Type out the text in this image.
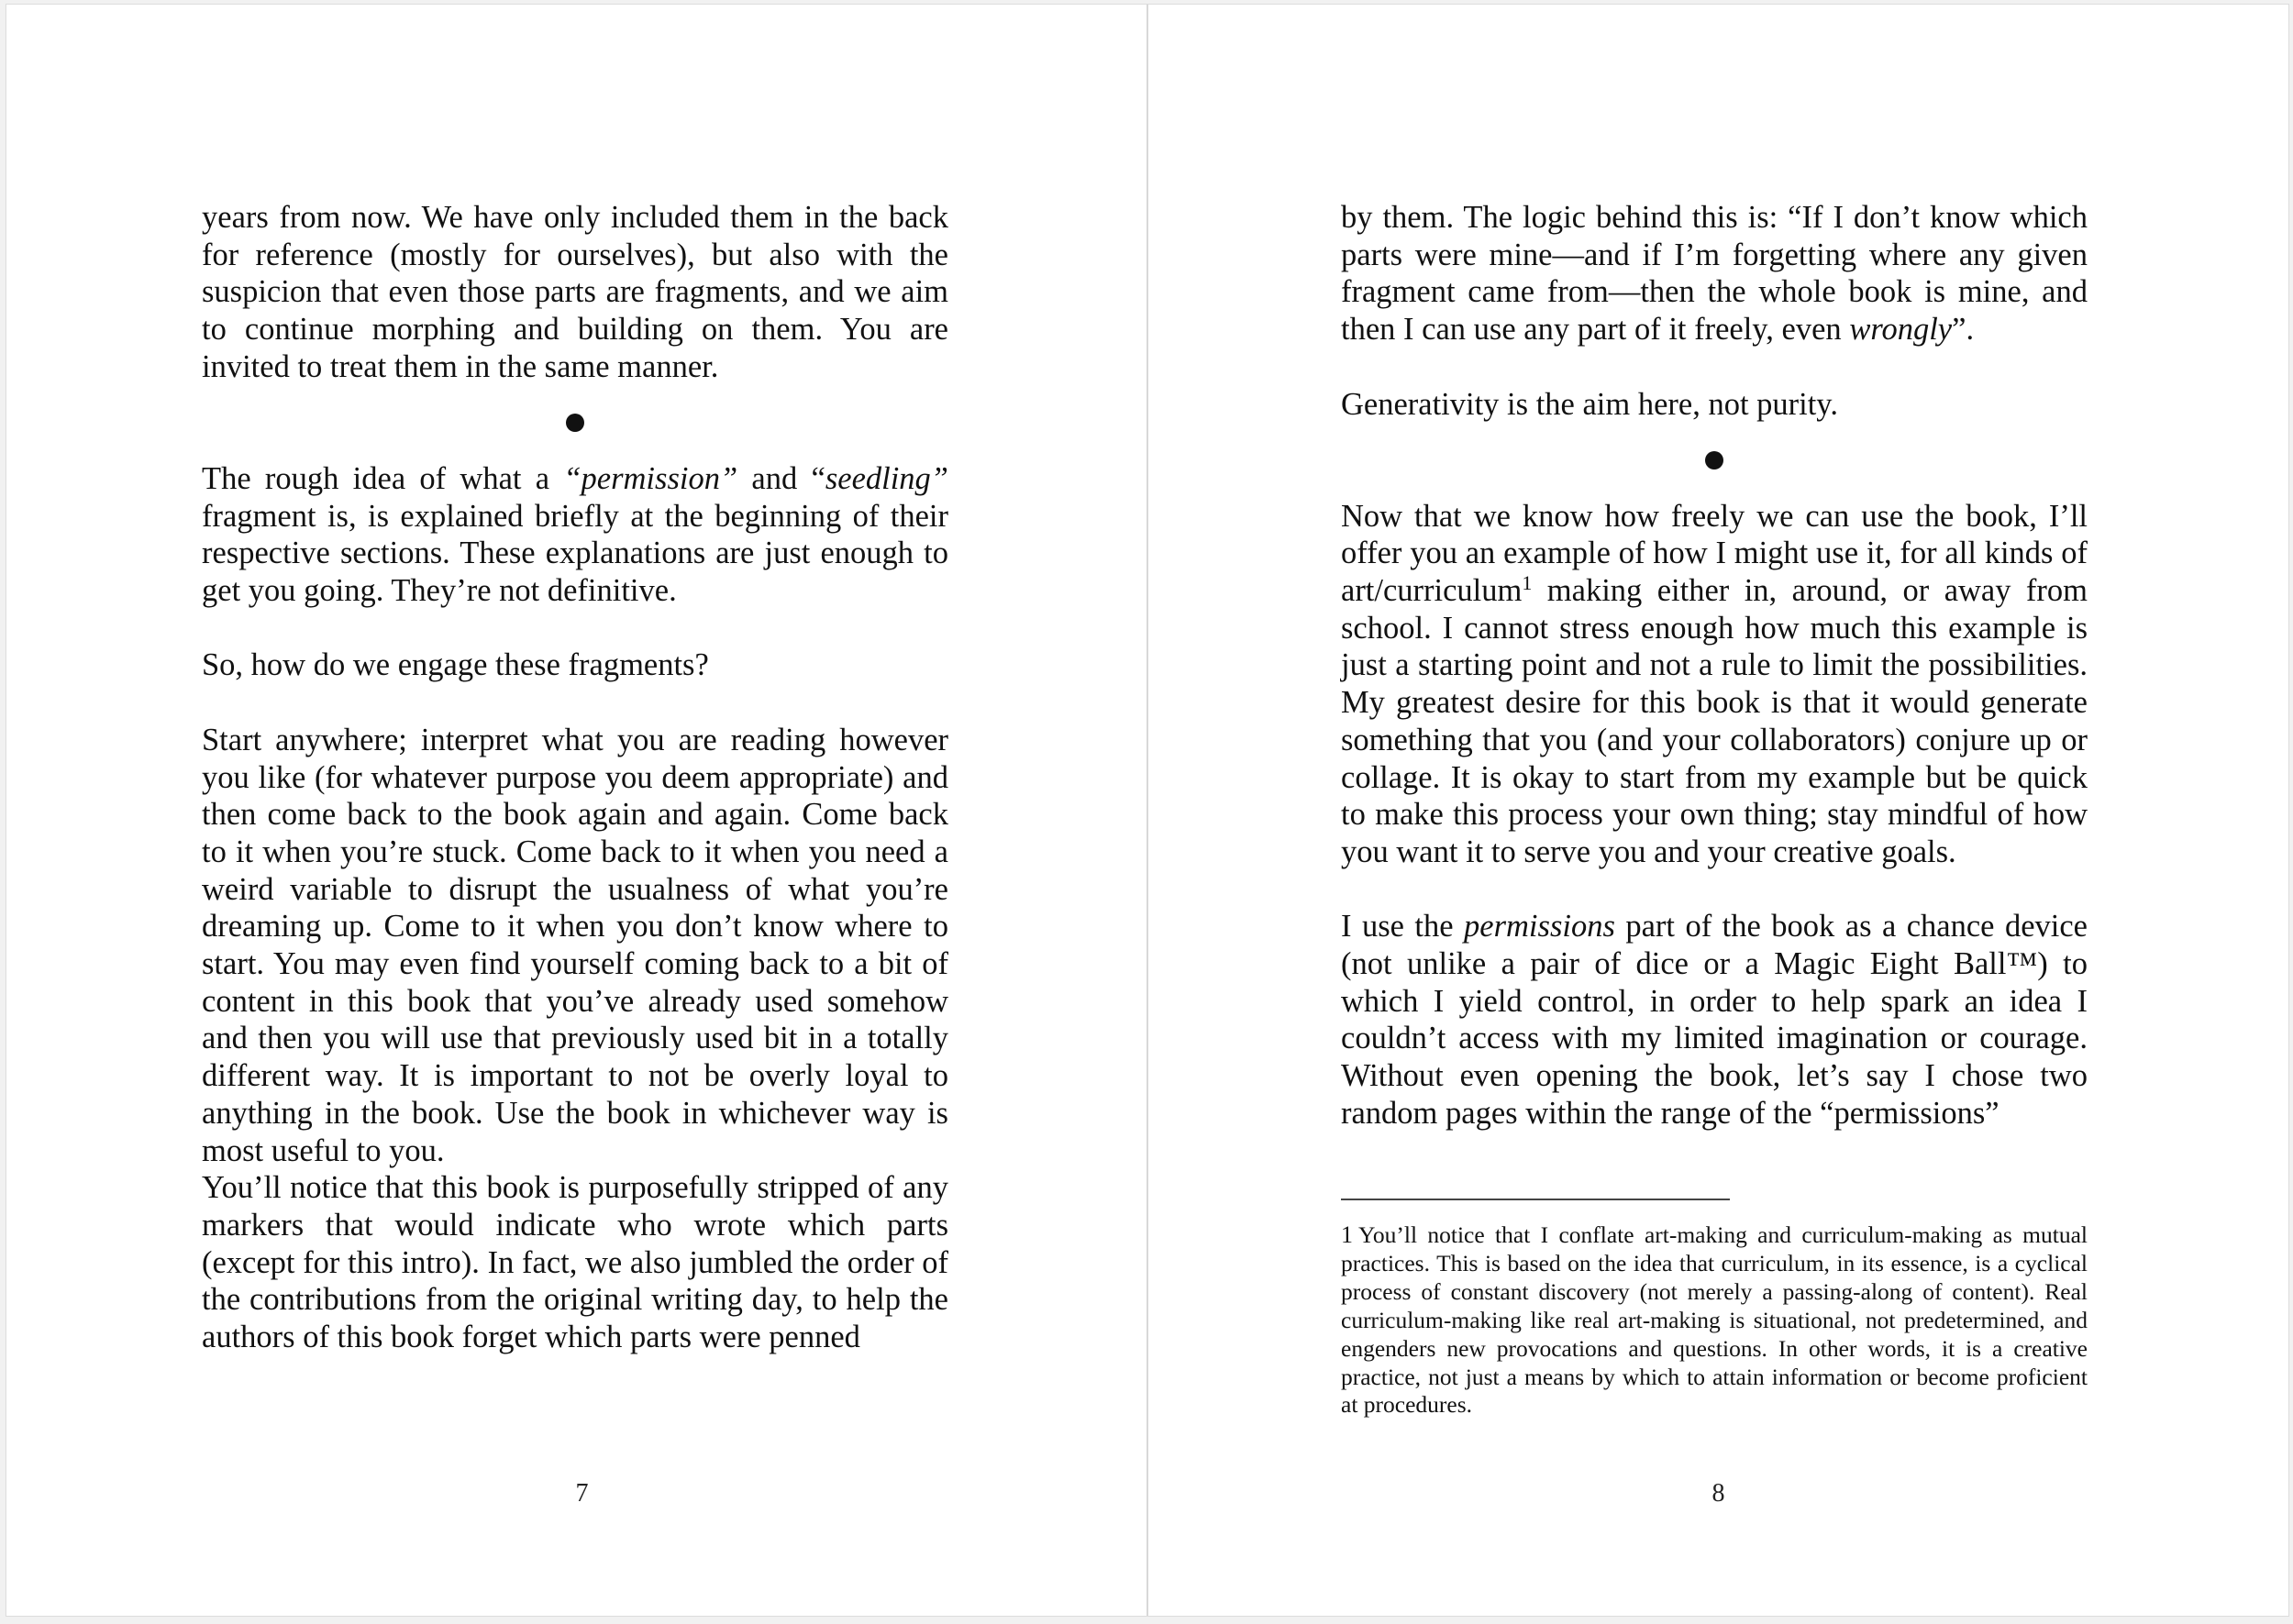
years from now. We have only included them in the back for reference (mostly for ourselves), but also with the suspicion that even those parts are fragments, and we aim to continue morphing and building on them. You are invited to treat them in the same manner.

The rough idea of what a “permission” and “seedling” fragment is, is explained briefly at the beginning of their respective sections. These explanations are just enough to get you going. They’re not definitive.

So, how do we engage these fragments?

Start anywhere; interpret what you are reading however you like (for whatever purpose you deem appropriate) and then come back to the book again and again. Come back to it when you’re stuck. Come back to it when you need a weird variable to disrupt the usualness of what you’re dreaming up. Come to it when you don’t know where to start. You may even find yourself coming back to a bit of content in this book that you’ve already used somehow and then you will use that previously used bit in a totally different way. It is important to not be overly loyal to anything in the book. Use the book in whichever way is most useful to you.

You’ll notice that this book is purposefully stripped of any markers that would indicate who wrote which parts (except for this intro). In fact, we also jumbled the order of the contributions from the original writing day, to help the authors of this book forget which parts were penned

7

by them. The logic behind this is: “If I don’t know which parts were mine—and if I’m forgetting where any given fragment came from—then the whole book is mine, and then I can use any part of it freely, even wrongly”.

Generativity is the aim here, not purity.

Now that we know how freely we can use the book, I’ll offer you an example of how I might use it, for all kinds of art/curriculum$^1$ making either in, around, or away from school. I cannot stress enough how much this example is just a starting point and not a rule to limit the possibilities. My greatest desire for this book is that it would generate something that you (and your collaborators) conjure up or collage. It is okay to start from my example but be quick to make this process your own thing; stay mindful of how you want it to serve you and your creative goals.

I use the permissions part of the book as a chance device (not unlike a pair of dice or a Magic Eight Ball™) to which I yield control, in order to help spark an idea I couldn’t access with my limited imagination or courage. Without even opening the book, let’s say I chose two random pages within the range of the “permissions”

1 You’ll notice that I conflate art-making and curriculum-making as mutual practices. This is based on the idea that curriculum, in its essence, is a cyclical process of constant discovery (not merely a passing-along of content). Real curriculum-making like real art-making is situational, not predetermined, and engenders new provocations and questions. In other words, it is a creative practice, not just a means by which to attain information or become proficient at procedures.
8
